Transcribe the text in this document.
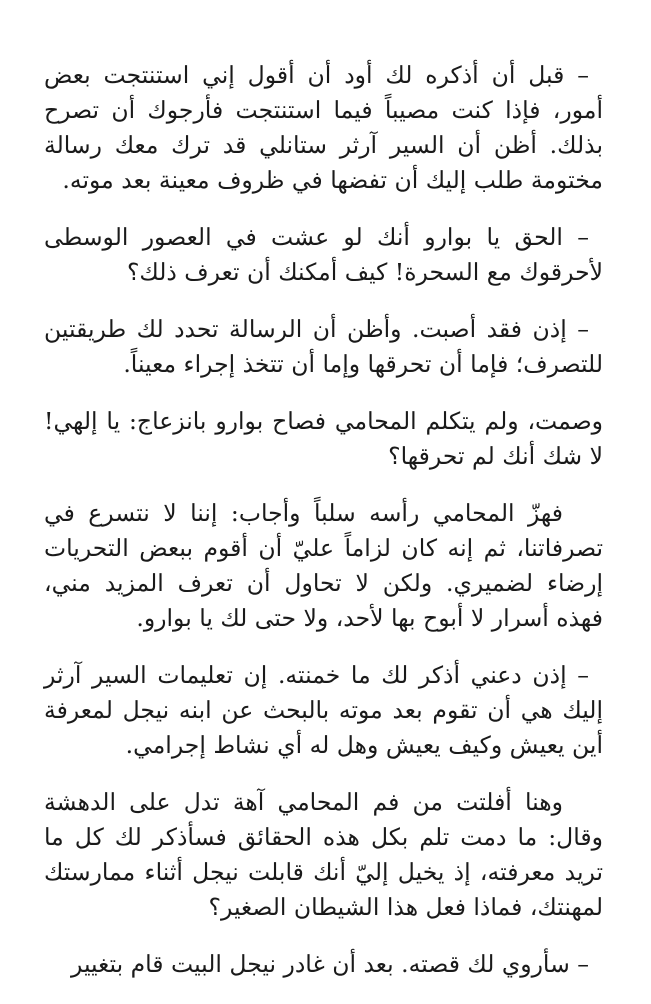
– قبل أن أذكره لك أود أن أقول إني استنتجت بعض أمور، فإذا كنت مصيباً فيما استنتجت فأرجوك أن تصرح بذلك. أظن أن السير آرثر ستانلي قد ترك معك رسالة مختومة طلب إليك أن تفضها في ظروف معينة بعد موته.

– الحق يا بوارو أنك لو عشت في العصور الوسطى لأحرقوك مع السحرة! كيف أمكنك أن تعرف ذلك؟

– إذن فقد أصبت. وأظن أن الرسالة تحدد لك طريقتين للتصرف؛ فإما أن تحرقها وإما أن تتخذ إجراء معيناً.

وصمت، ولم يتكلم المحامي فصاح بوارو بانزعاج: يا إلهي! لا شك أنك لم تحرقها؟

فهزّ المحامي رأسه سلباً وأجاب: إننا لا نتسرع في تصرفاتنا، ثم إنه كان لزاماً عليّ أن أقوم ببعض التحريات إرضاء لضميري. ولكن لا تحاول أن تعرف المزيد مني، فهذه أسرار لا أبوح بها لأحد، ولا حتى لك يا بوارو.

– إذن دعني أذكر لك ما خمنته. إن تعليمات السير آرثر إليك هي أن تقوم بعد موته بالبحث عن ابنه نيجل لمعرفة أين يعيش وكيف يعيش وهل له أي نشاط إجرامي.

وهنا أفلتت من فم المحامي آهة تدل على الدهشة وقال: ما دمت تلم بكل هذه الحقائق فسأذكر لك كل ما تريد معرفته، إذ يخيل إليّ أنك قابلت نيجل أثناء ممارستك لمهنتك، فماذا فعل هذا الشيطان الصغير؟

– سأروي لك قصته. بعد أن غادر نيجل البيت قام بتغيير
